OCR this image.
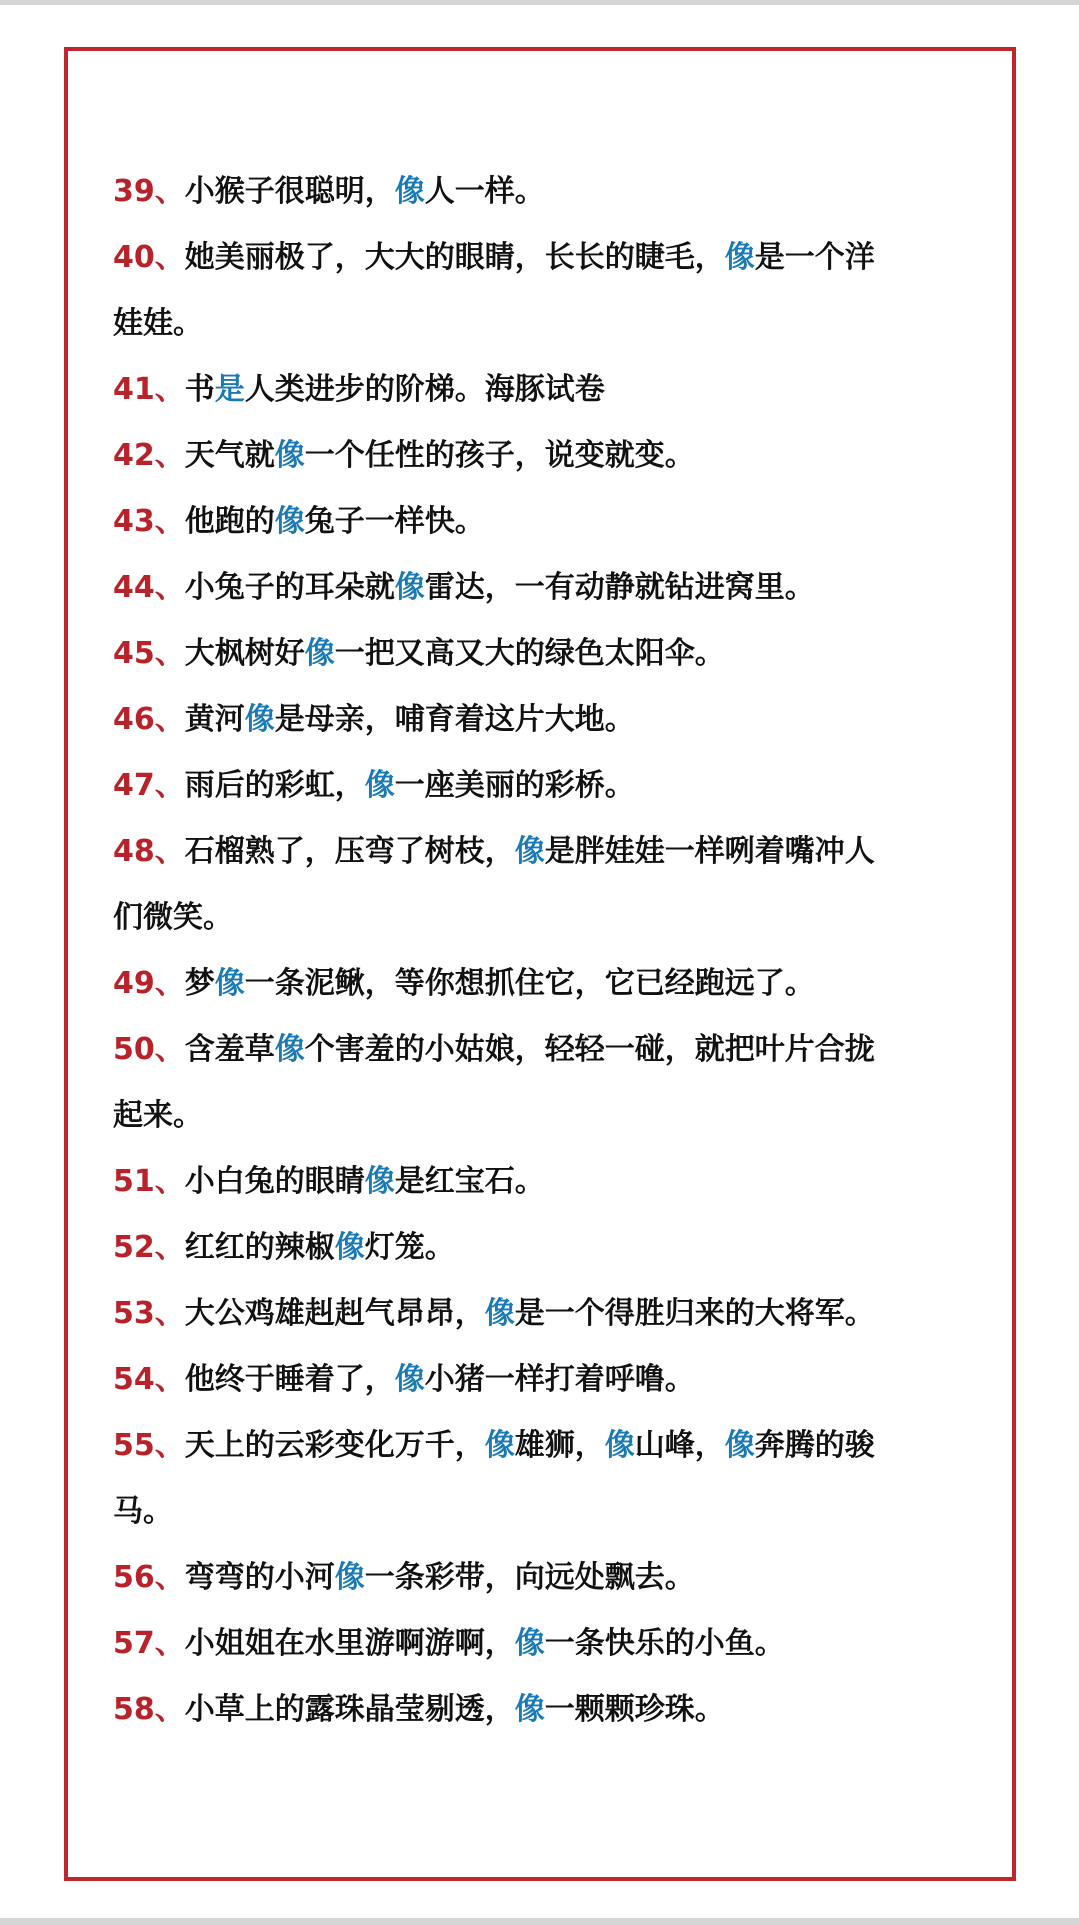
39、小猴子很聪明，像人一样。
40、她美丽极了，大大的眼睛，长长的睫毛，像是一个洋
娃娃。
41、书是人类进步的阶梯。海豚试卷
42、天气就像一个任性的孩子，说变就变。
43、他跑的像兔子一样快。
44、小兔子的耳朵就像雷达，一有动静就钻进窝里。
45、大枫树好像一把又高又大的绿色太阳伞。
46、黄河像是母亲，哺育着这片大地。
47、雨后的彩虹，像一座美丽的彩桥。
48、石榴熟了，压弯了树枝，像是胖娃娃一样咧着嘴冲人
们微笑。
49、梦像一条泥鳅，等你想抓住它，它已经跑远了。
50、含羞草像个害羞的小姑娘，轻轻一碰，就把叶片合拢
起来。
51、小白兔的眼睛像是红宝石。
52、红红的辣椒像灯笼。
53、大公鸡雄赳赳气昂昂，像是一个得胜归来的大将军。
54、他终于睡着了，像小猪一样打着呼噜。
55、天上的云彩变化万千，像雄狮，像山峰，像奔腾的骏
马。
56、弯弯的小河像一条彩带，向远处飘去。
57、小姐姐在水里游啊游啊，像一条快乐的小鱼。
58、小草上的露珠晶莹剔透，像一颗颗珍珠。
